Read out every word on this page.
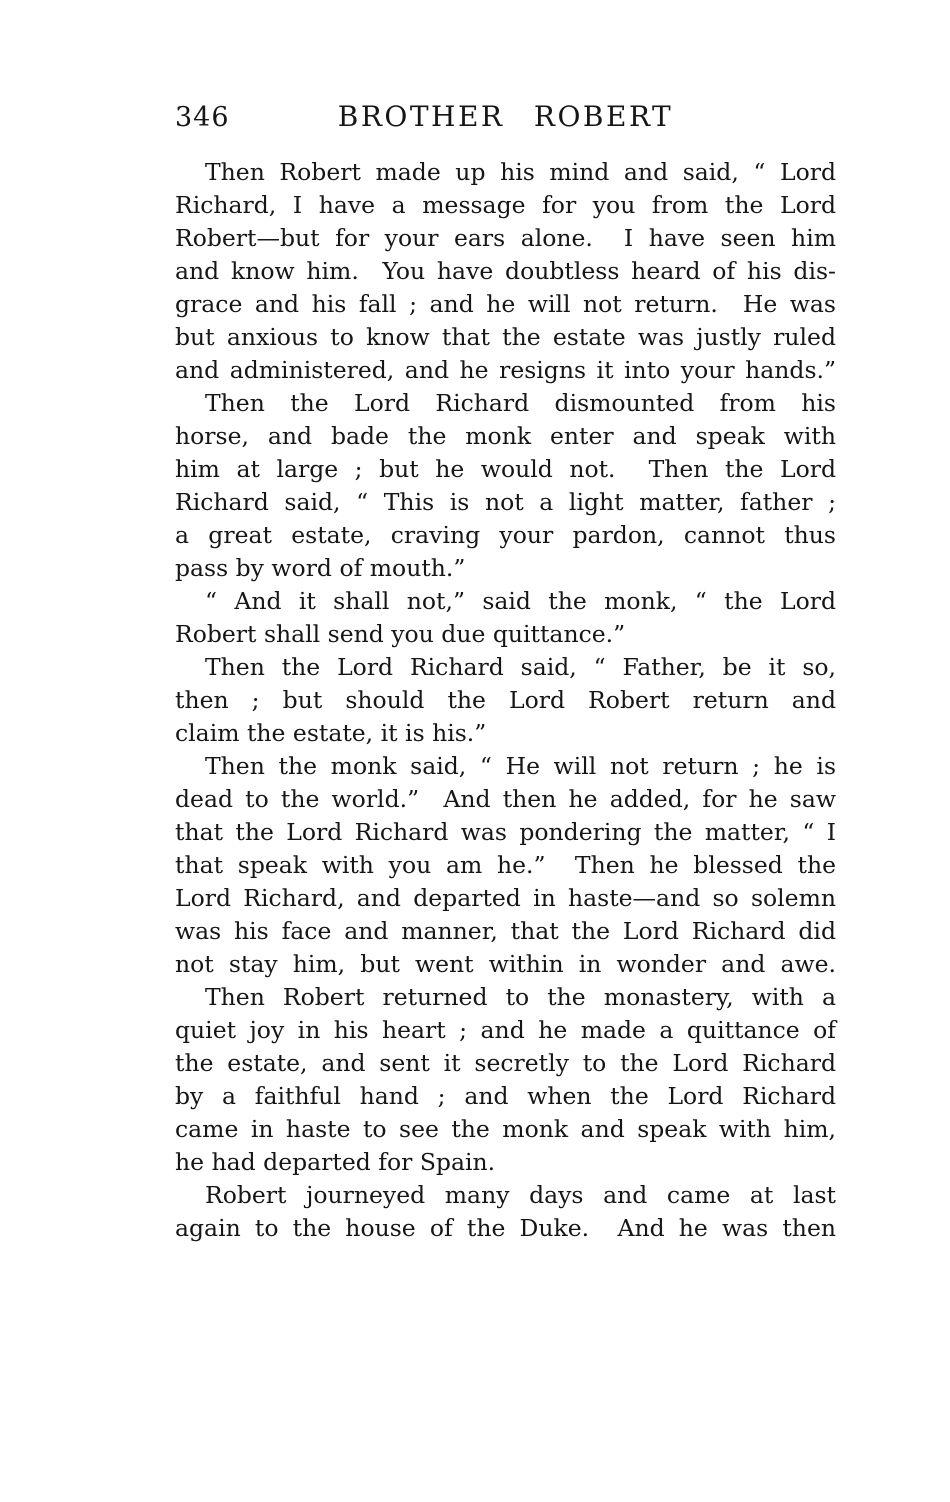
346	BROTHER ROBERT
Then Robert made up his mind and said, “ Lord
Richard, I have a message for you from the Lord
Robert—but for your ears alone.  I have seen him
and know him.  You have doubtless heard of his dis-
grace and his fall ; and he will not return.  He was
but anxious to know that the estate was justly ruled
and administered, and he resigns it into your hands.”
Then the Lord Richard dismounted from his
horse, and bade the monk enter and speak with
him at large ; but he would not.  Then the Lord
Richard said, “ This is not a light matter, father ;
a great estate, craving your pardon, cannot thus
pass by word of mouth.”
“ And it shall not,” said the monk, “ the Lord
Robert shall send you due quittance.”
Then the Lord Richard said, “ Father, be it so,
then ; but should the Lord Robert return and
claim the estate, it is his.”
Then the monk said, “ He will not return ; he is
dead to the world.”  And then he added, for he saw
that the Lord Richard was pondering the matter, “ I
that speak with you am he.”  Then he blessed the
Lord Richard, and departed in haste—and so solemn
was his face and manner, that the Lord Richard did
not stay him, but went within in wonder and awe.
Then Robert returned to the monastery, with a
quiet joy in his heart ; and he made a quittance of
the estate, and sent it secretly to the Lord Richard
by a faithful hand ; and when the Lord Richard
came in haste to see the monk and speak with him,
he had departed for Spain.
Robert journeyed many days and came at last
again to the house of the Duke.  And he was then
